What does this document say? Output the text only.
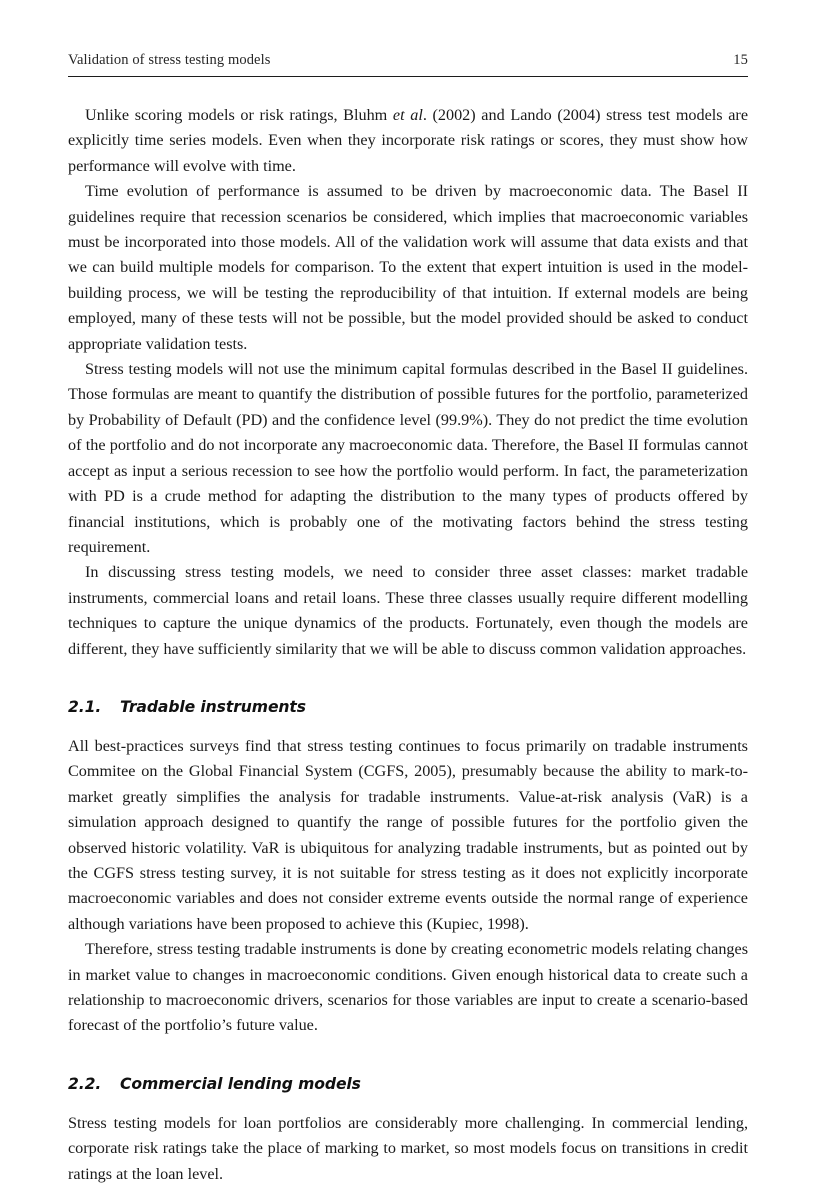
Validation of stress testing models	15

Unlike scoring models or risk ratings, Bluhm et al. (2002) and Lando (2004) stress test models are explicitly time series models. Even when they incorporate risk ratings or scores, they must show how performance will evolve with time.

Time evolution of performance is assumed to be driven by macroeconomic data. The Basel II guidelines require that recession scenarios be considered, which implies that macroeconomic variables must be incorporated into those models. All of the validation work will assume that data exists and that we can build multiple models for comparison. To the extent that expert intuition is used in the model-building process, we will be testing the reproducibility of that intuition. If external models are being employed, many of these tests will not be possible, but the model provided should be asked to conduct appropriate validation tests.

Stress testing models will not use the minimum capital formulas described in the Basel II guidelines. Those formulas are meant to quantify the distribution of possible futures for the portfolio, parameterized by Probability of Default (PD) and the confidence level (99.9%). They do not predict the time evolution of the portfolio and do not incorporate any macroeconomic data. Therefore, the Basel II formulas cannot accept as input a serious recession to see how the portfolio would perform. In fact, the parameterization with PD is a crude method for adapting the distribution to the many types of products offered by financial institutions, which is probably one of the motivating factors behind the stress testing requirement.

In discussing stress testing models, we need to consider three asset classes: market tradable instruments, commercial loans and retail loans. These three classes usually require different modelling techniques to capture the unique dynamics of the products. Fortunately, even though the models are different, they have sufficiently similarity that we will be able to discuss common validation approaches.

2.1.	Tradable instruments

All best-practices surveys find that stress testing continues to focus primarily on tradable instruments Commitee on the Global Financial System (CGFS, 2005), presumably because the ability to mark-to-market greatly simplifies the analysis for tradable instruments. Value-at-risk analysis (VaR) is a simulation approach designed to quantify the range of possible futures for the portfolio given the observed historic volatility. VaR is ubiquitous for analyzing tradable instruments, but as pointed out by the CGFS stress testing survey, it is not suitable for stress testing as it does not explicitly incorporate macroeconomic variables and does not consider extreme events outside the normal range of experience although variations have been proposed to achieve this (Kupiec, 1998).

Therefore, stress testing tradable instruments is done by creating econometric models relating changes in market value to changes in macroeconomic conditions. Given enough historical data to create such a relationship to macroeconomic drivers, scenarios for those variables are input to create a scenario-based forecast of the portfolio’s future value.

2.2.	Commercial lending models

Stress testing models for loan portfolios are considerably more challenging. In commercial lending, corporate risk ratings take the place of marking to market, so most models focus on transitions in credit ratings at the loan level.
